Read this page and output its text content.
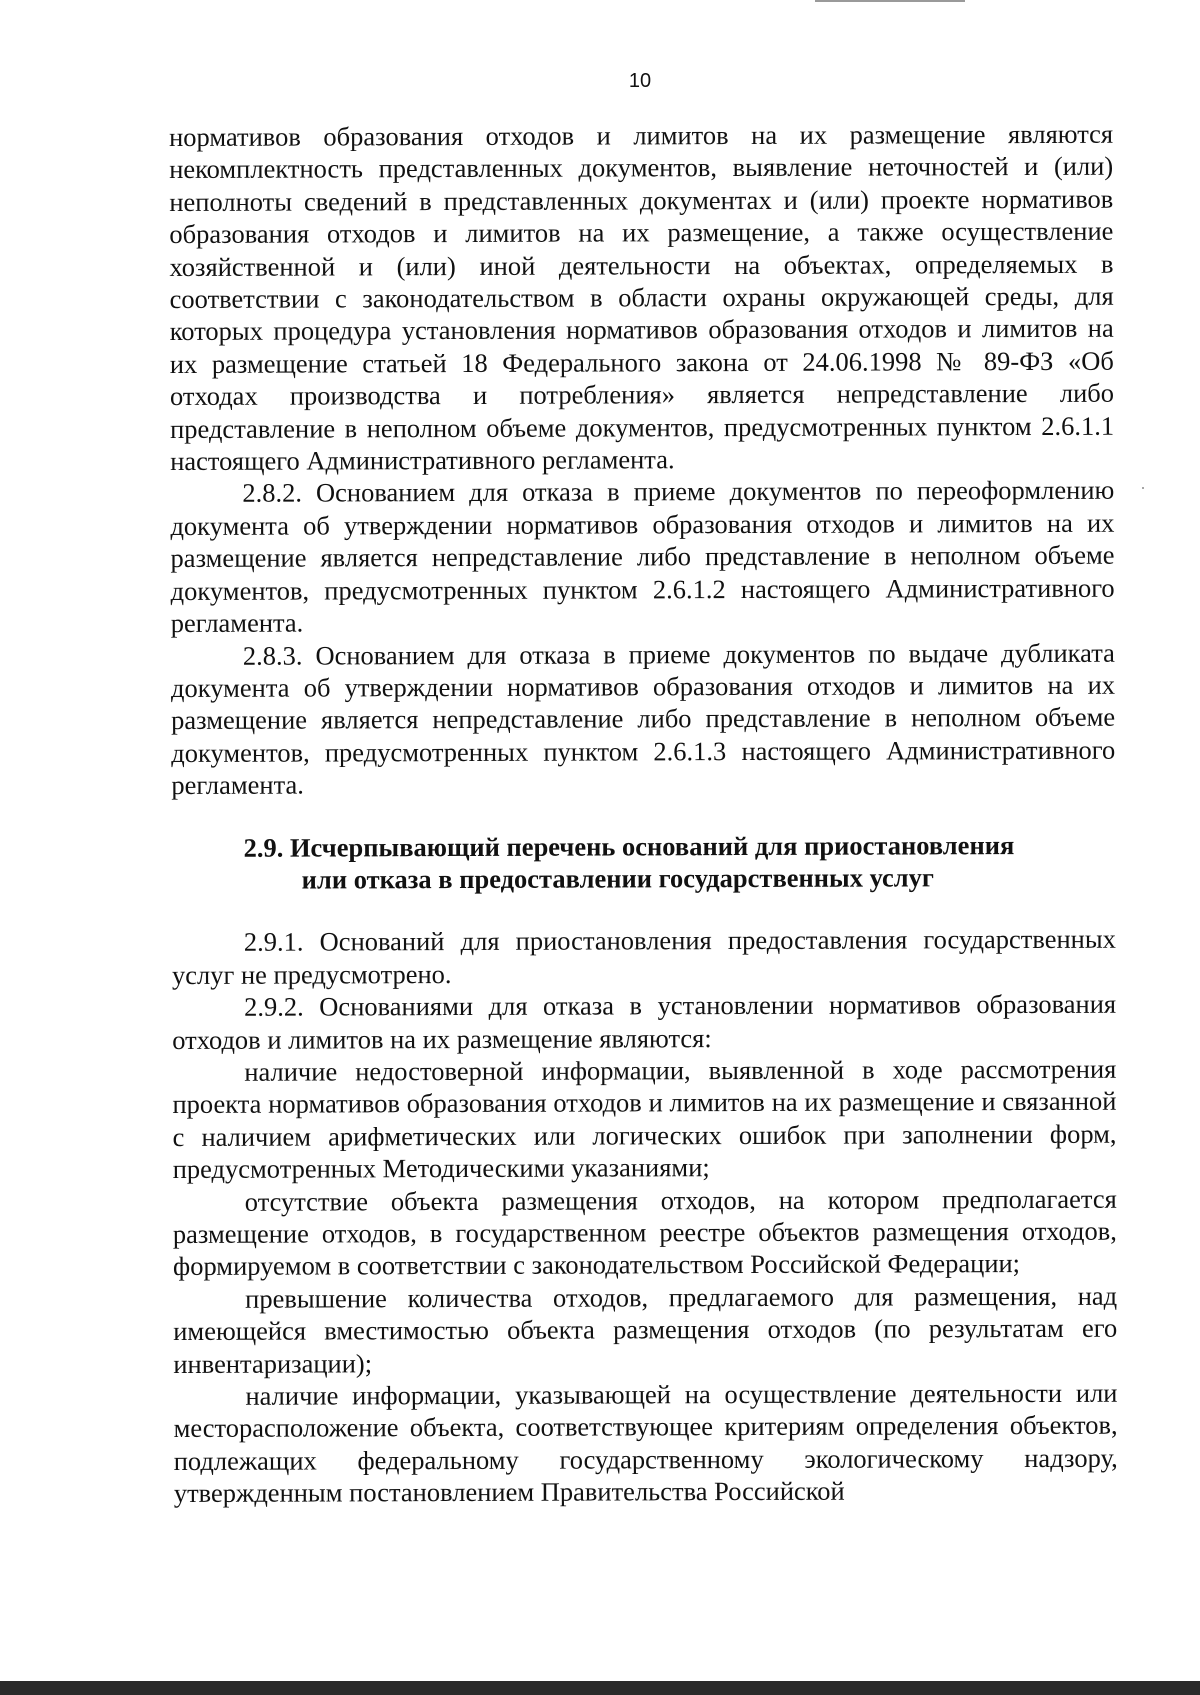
10

нормативов образования отходов и лимитов на их размещение являются некомплектность представленных документов, выявление неточностей и (или) неполноты сведений в представленных документах и (или) проекте нормативов образования отходов и лимитов на их размещение, а также осуществление хозяйственной и (или) иной деятельности на объектах, определяемых в соответствии с законодательством в области охраны окружающей среды, для которых процедура установления нормативов образования отходов и лимитов на их размещение статьей 18 Федерального закона от 24.06.1998 № 89-ФЗ «Об отходах производства и потребления» является непредставление либо представление в неполном объеме документов, предусмотренных пунктом 2.6.1.1 настоящего Административного регламента.

2.8.2. Основанием для отказа в приеме документов по переоформлению документа об утверждении нормативов образования отходов и лимитов на их размещение является непредставление либо представление в неполном объеме документов, предусмотренных пунктом 2.6.1.2 настоящего Административного регламента.

2.8.3. Основанием для отказа в приеме документов по выдаче дубликата документа об утверждении нормативов образования отходов и лимитов на их размещение является непредставление либо представление в неполном объеме документов, предусмотренных пунктом 2.6.1.3 настоящего Административного регламента.

2.9. Исчерпывающий перечень оснований для приостановления
или отказа в предоставлении государственных услуг

2.9.1. Оснований для приостановления предоставления государственных услуг не предусмотрено.

2.9.2. Основаниями для отказа в установлении нормативов образования отходов и лимитов на их размещение являются:

наличие недостоверной информации, выявленной в ходе рассмотрения проекта нормативов образования отходов и лимитов на их размещение и связанной с наличием арифметических или логических ошибок при заполнении форм, предусмотренных Методическими указаниями;

отсутствие объекта размещения отходов, на котором предполагается размещение отходов, в государственном реестре объектов размещения отходов, формируемом в соответствии с законодательством Российской Федерации;

превышение количества отходов, предлагаемого для размещения, над имеющейся вместимостью объекта размещения отходов (по результатам его инвентаризации);

наличие информации, указывающей на осуществление деятельности или месторасположение объекта, соответствующее критериям определения объектов, подлежащих федеральному государственному экологическому надзору, утвержденным постановлением Правительства Российской
